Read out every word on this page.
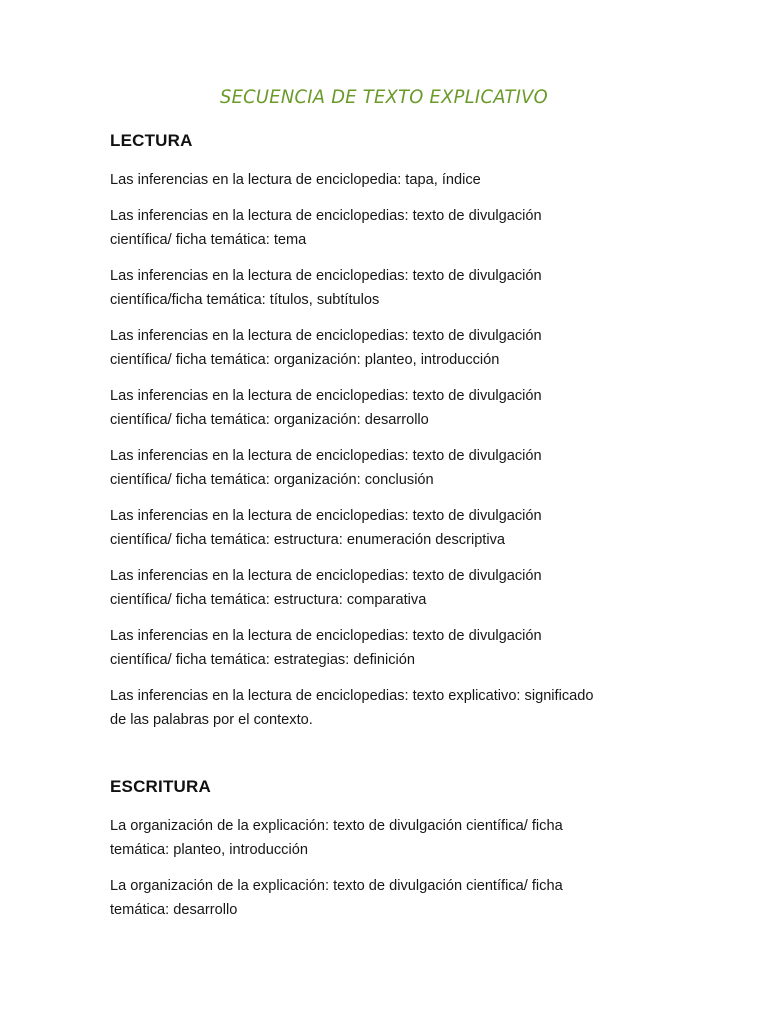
SECUENCIA DE TEXTO EXPLICATIVO
LECTURA
Las inferencias en la lectura de enciclopedia: tapa, índice
Las inferencias en la lectura de enciclopedias: texto de divulgación
científica/ ficha temática: tema
Las inferencias en la lectura de enciclopedias: texto de divulgación
científica/ficha temática: títulos, subtítulos
Las inferencias en la lectura de enciclopedias: texto de divulgación
científica/ ficha temática: organización: planteo, introducción
Las inferencias en la lectura de enciclopedias: texto de divulgación
científica/ ficha temática: organización: desarrollo
Las inferencias en la lectura de enciclopedias: texto de divulgación
científica/ ficha temática: organización: conclusión
Las inferencias en la lectura de enciclopedias: texto de divulgación
científica/ ficha temática: estructura: enumeración descriptiva
Las inferencias en la lectura de enciclopedias: texto de divulgación
científica/ ficha temática: estructura: comparativa
Las inferencias en la lectura de enciclopedias: texto de divulgación
científica/ ficha temática: estrategias: definición
Las inferencias en la lectura de enciclopedias: texto explicativo: significado
de las palabras por el contexto.
ESCRITURA
La organización de la explicación: texto de divulgación científica/ ficha
temática: planteo, introducción
La organización de la explicación: texto de divulgación científica/ ficha
temática: desarrollo
